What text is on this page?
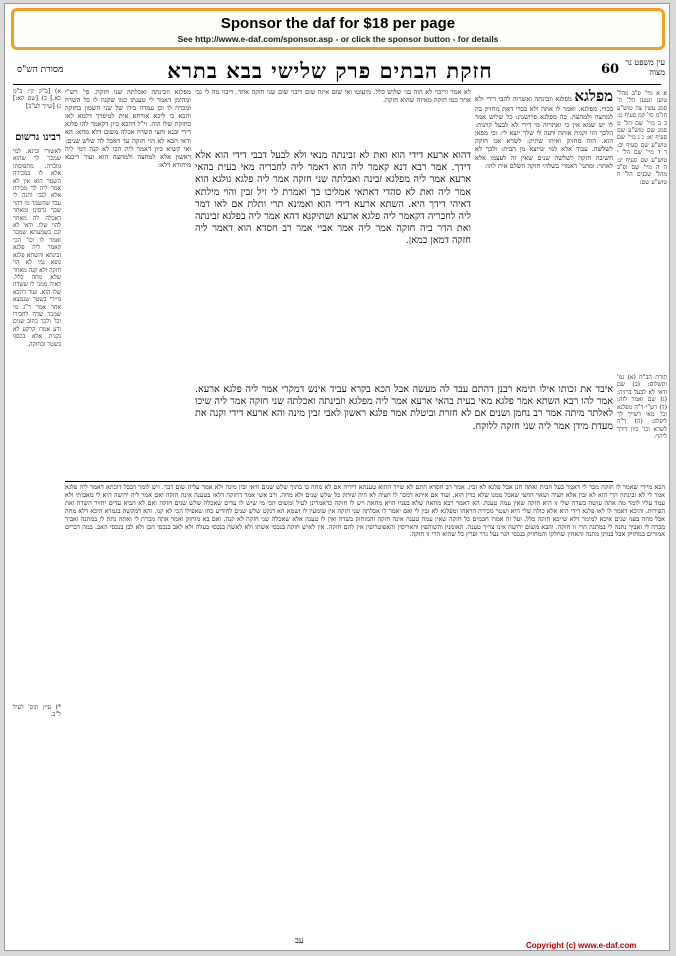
Sponsor the daf for $18 per page
See http://www.e-daf.com/sponsor.asp - or click the sponsor button - for details
מסורת הש"ס	חזקת הבתים פרק שלישי בבא בתרא	60 עין משפט נר מצוה
א א מיי' פ"ב מהל' טוען ונטען הל' ה' סמג עשין צה טוש"ע חו"מ סי' קמ סעיף ט: ב ב מיי' שם הל' ט סמג שם טוש"ע שם סעיף יא: ג ג מיי' שם טוש"ע שם סעיף יב: ד ד מיי' שם הל' י טוש"ע שם סעיף יג: ה ה מיי' שם ופ"ב מהל' שכנים הל' ח טוש"ע שם:
תורת הב"ח (א) גמ' ותשלום: (ב) שם ודאי לא לבעל ברזיה: (ג) שם ואמר לזה: (ד) רש"י ד"ה מפלגא וכו' מאי דשייך לך ליפלוג: (ה) ד"ה לשרא וכו' כיון דידך ליהוי:
מפלגא מפלגא וזבינתה ואשרוה להבי דירי ולא בכדי. מפלגא. ואמר לו אתה ולא בכדי דאת מחזיק בה למחצה ולמחצה. כה מפלגא פרושנת: כל שלוש אמר לו יש שמא אין כי ואתרוה מי דירי לא לבעל קרנות: הלכך הוו וקנית אותה ותנה לי שלך יוצא לי: וכי מפאן הוא. הוה מחזיק ואיהו שתיק: לשרא אנו חזקה לשלשה. עבוד אלא למי שיוצא מן הבית: ולכך לא חשיבה חזקה לשלשה שנים שאין זה לעצמו אלא לאחר: ומתני' דאמרי בשלהי חזקה השלם אית להו:
לא אמר וריבוי לא הוה בגי שלוש כלל. מיעוטו ואי שום איזה שום ריבוי שום שני חזקה אחד. ריבוי מה לי גבי אחר כמו חזקה מאיזה שהוא חזקה.
דהוא ארעא דידי הוא ואת לא זבינתה מנאי ולא לבעל דבבי דידי הוא אלא דידך. אמר רבא דנא קאמר ליה הוא דאמר ליה לחבריה מאי בעית בהאי ארעא אמר ליה מפלגא זבינה ואבלתה שני חזקה אמר ליה פלגא גולגא הוא אמר ליה ואת לא סהדי דאתאי אמליכו בך ואמרת לי זיל זבין והוי מילתא דאיהי דידך היא. השתא ארעא דידי הוא ואמינא תרי ותלת אם לאו דמר ליה לחבריה דקאמר ליה פלגא ארעא ושתיקנא דהא אמר ליה בפלגא זבינתה ואת הדר ביה חזקה אמר ליה אמר אביי אמר רב חסדא הוא דאמר ליה חזקה דמאן כמאן.
מפלגא וזבינתה ואכלתה שני חזקה. פי' רש"י ומהימן דאמר לי טענתו כמו שקנה לו כל השדה ומכרה לו וכן עמדה בידו של שני השמון בחזקה והכא כי ליכא אורחא אית למיפרך דלמא לאו בחזקת שלו הוה. וי"ל דהכא כיון דקאמר להו פלגא דידי זבנא וחצי השדה אכלה משום דלא מחא: הא ודאי הכא לא הוי חזקה עד דאכל לה שלש שנים: ואי קשיא כיון דאמר ליה הכי לא קנה דמי ליה ראשון אלא למחצה ולמחצה הוא ועוד ריכנא מיתורא דלא:
א) [ב"ק קי: ב"מ כא.] ב) [שם קא:] ג) [שייך לע"ב]
רבינו גרשום
לאשורי זבינא. למי שמכר לך שהוא מוכרה. מתפיסתו אלא לו במכירה השטר הוא אין לא אמר ליה לך מכירה אלא לגבי ותנה לי עבד שהשמר מי דהוי שכך גרסינן ומאחר דאכלה לה מאחר להוי שלו. ודאי לא קם בשמעתא שמכר ואמר לו וכו' הכי קאמר ליה פלגא זבינתא והשתא פלגא גופא נמי לא הוי חזקה ולא קנה מאחר שלא מחה כלל. ראיה ממני לו ששדה שלו הוא. ועוד דהכא מיירי בשטר שנמצא אחר אמר ר"ג מי שמכר שדה לחבירו וכו' ולכך כתוב שנים ודע אמרו קרקע לא נקנית אלא בכסף בשטר ובחזקה.
*) עיין תוס' לעיל ל"ב.
איבד את זכותו אילו תימא רבנן דהתם עבד לה מעשה אבל הכא בקרא עביד אינש דמקרי אמר ליה פלגא ארעא. אמר להו רבא השתא אמר פלגא מאי בעית בהאי ארעא אמר ליה מפלגא וזבינתה ואכלתה שני חזקה אמר ליה שיכו לאלתר מיתה אמר רב נחמן ושנים אם לא חזרת וביטלת אמר פלגא ראשון לאבי זבין מינה והא ארעא דידי וקנה את מעדת מידן אמר ליה שני חזקה ללוקח.
הכא מיירי שאמר לו חזקה מכר לי דאמר בעל הבית ואתה חנן אבל פלגא לא זבין. אמר רב חסדא התם לא שייך ההוא טענתא דידיה אם לא מחה בו בתוך שלש שנים ודאי זבין מינה ולא אמר עליה שום דבר. ויש לומר דבכל דוכתא דאמר ליה פלגא אמר לי לא זבינתה הרי הוא לא זבין אלא חציה ושאר החצי שאכל ממנו שלא כדין הוא. ועוד אם איתא דמכר לו חציה לא היה שותק כל שלש שנים ולא מחה. ורב אשי אמר דחזקה דלאו בטענה אינה חזקה ואם אמר ליה ירושה היא לי מאבותי ולא עמד עליו לומר מה אתה עושה בשדה שלי זו היא חזקה שאין עמה טענה. הא דאמר רבא מחאה שלא בפניו הויא מחאה ויש לו חזקה כדאמרינן לעיל ומשום הכי מי שיש לו עדים שאכלה שלש שנים חזקה ואם לא הביא עדים יחזיר השדה ואת הפירות. והיכא דאמר לו לאו פלגא דידי היא אלא כולה שלי היא ושטר מכירה הראהו ומפלגא לא זבין לי ואם יאמר לו אכלתה שני חזקה אין שומעין לו ושמא הא דנקט שלש שנים להודיע כחו שאפילו הכי לא קני. והא דמקשה בגמרא היכא דלא מחה אבל מחה בפני שנים איכא למימר דלא שייכא חזקה כלל. ועל זה אמרו חכמים כל חזקה שאין עמה טענה אינה חזקה והמוחזק בשדה ואין לו טענה אלא שאכלה שני חזקה לא קנה. ואם בא מוחזק ואמר אתה מכרת לי ואתה נתת לי במתנה ואביך מכרה לי ואביך נתנה לי במתנה הרי זו חזקה. והבא משום ירושה אינו צריך טענה. האומנין והשותפין והאריסין והאפוטרופין אין להם חזקה. אין לאיש חזקה בנכסי אשתו ולא לאשה בנכסי בעלה ולא לאב בנכסי הבן ולא לבן בנכסי האב. במה דברים אמורים במחזיק אבל בנותן מתנה והאחין שחלקו והמחזיק בנכסי הגר נעל גדר ופרץ כל שהוא הרי זו חזקה.
עב
Copyright (c) www.e-daf.com
